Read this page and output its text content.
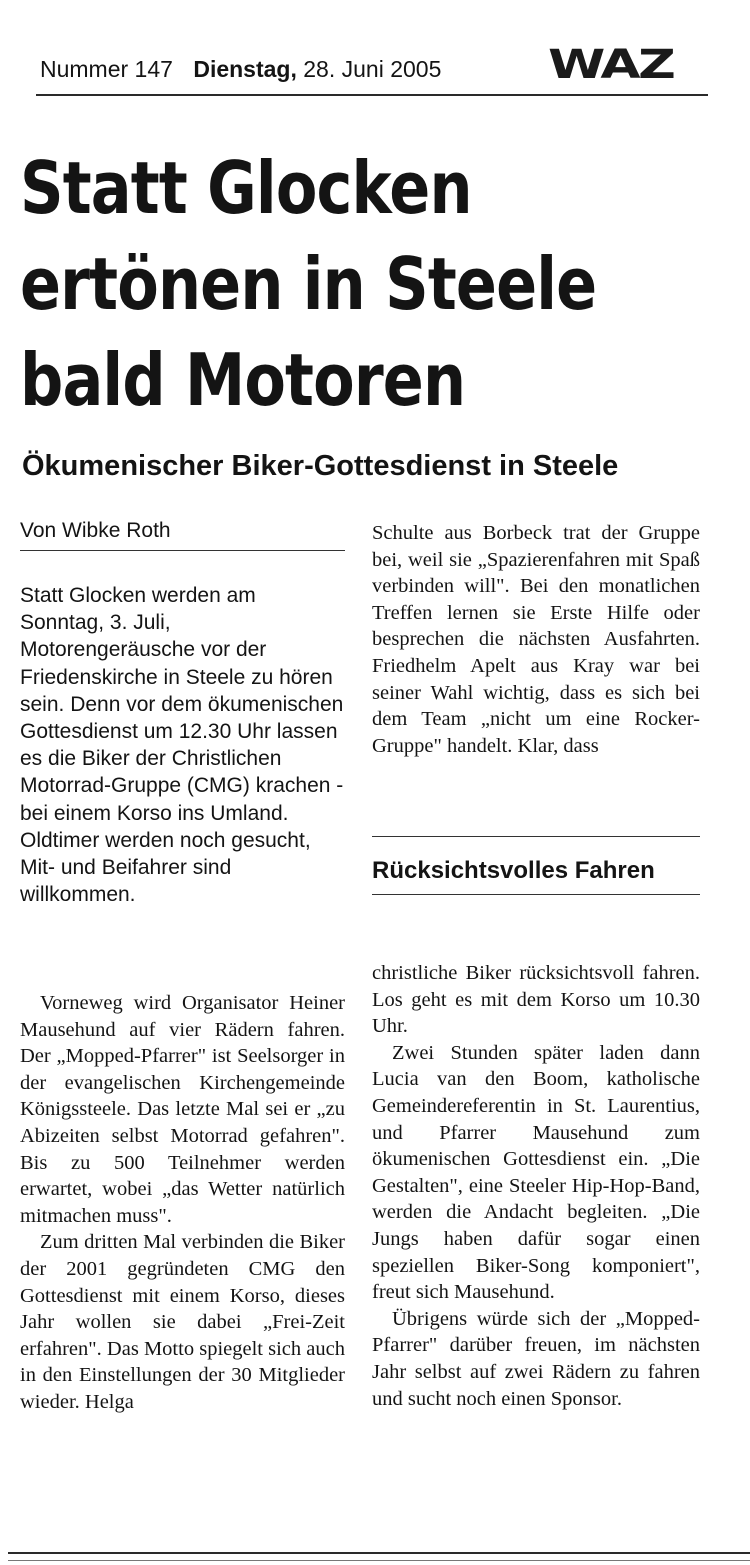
Nummer 147 Dienstag, 28. Juni 2005	WAZ
Statt Glocken
ertönen in Steele
bald Motoren
Ökumenischer Biker-Gottesdienst in Steele
Von Wibke Roth

Statt Glocken werden am Sonntag, 3. Juli, Motorengeräusche vor der Friedenskirche in Steele zu hören sein. Denn vor dem ökumenischen Gottesdienst um 12.30 Uhr lassen es die Biker der Christlichen Motorrad-Gruppe (CMG) krachen - bei einem Korso ins Umland. Oldtimer werden noch gesucht, Mit- und Beifahrer sind willkommen.

Vorneweg wird Organisator Heiner Mausehund auf vier Rädern fahren. Der „Mopped-Pfarrer" ist Seelsorger in der evangelischen Kirchengemeinde Königssteele. Das letzte Mal sei er „zu Abizeiten selbst Motorrad gefahren". Bis zu 500 Teilnehmer werden erwartet, wobei „das Wetter natürlich mitmachen muss".

Zum dritten Mal verbinden die Biker der 2001 gegründeten CMG den Gottesdienst mit einem Korso, dieses Jahr wollen sie dabei „Frei-Zeit erfahren". Das Motto spiegelt sich auch in den Einstellungen der 30 Mitglieder wieder. Helga

Schulte aus Borbeck trat der Gruppe bei, weil sie „Spazierenfahren mit Spaß verbinden will". Bei den monatlichen Treffen lernen sie Erste Hilfe oder besprechen die nächsten Ausfahrten. Friedhelm Apelt aus Kray war bei seiner Wahl wichtig, dass es sich bei dem Team „nicht um eine Rocker-Gruppe" handelt. Klar, dass

Rücksichtsvolles Fahren

christliche Biker rücksichtsvoll fahren. Los geht es mit dem Korso um 10.30 Uhr.

Zwei Stunden später laden dann Lucia van den Boom, katholische Gemeindereferentin in St. Laurentius, und Pfarrer Mausehund zum ökumenischen Gottesdienst ein. „Die Gestalten", eine Steeler Hip-Hop-Band, werden die Andacht begleiten. „Die Jungs haben dafür sogar einen speziellen Biker-Song komponiert", freut sich Mausehund.

Übrigens würde sich der „Mopped-Pfarrer" darüber freuen, im nächsten Jahr selbst auf zwei Rädern zu fahren und sucht noch einen Sponsor.
